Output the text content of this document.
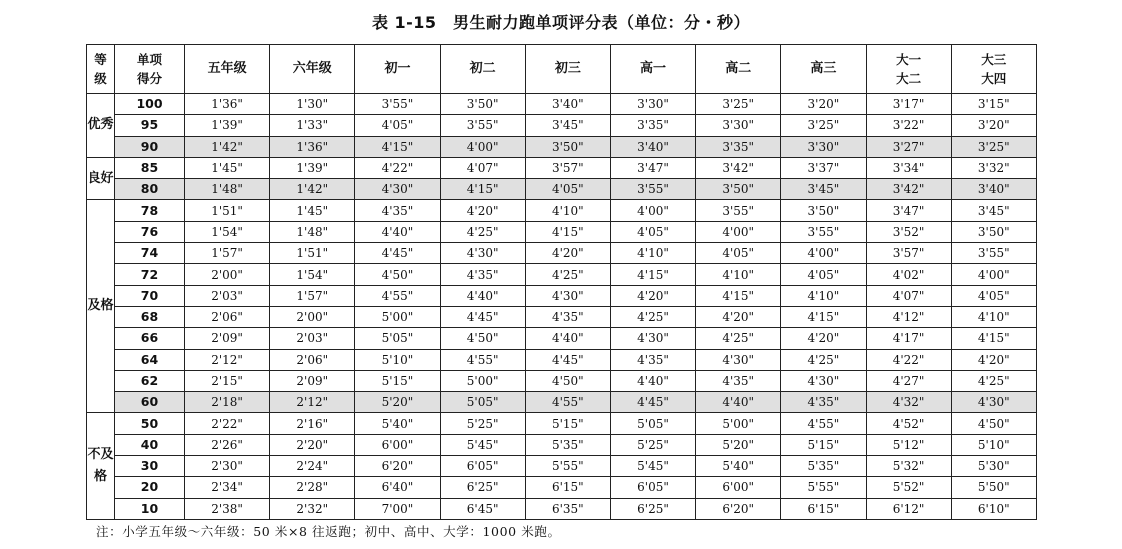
表 1-15　男生耐力跑单项评分表（单位：分・秒）
等
级	单项
得分	五年级	六年级	初一	初二	初三	高一	高二	高三	大一
大二	大三
大四

优秀	100	1'36"	1'30"	3'55"	3'50"	3'40"	3'30"	3'25"	3'20"	3'17"	3'15"
	95	1'39"	1'33"	4'05"	3'55"	3'45"	3'35"	3'30"	3'25"	3'22"	3'20"
	90	1'42"	1'36"	4'15"	4'00"	3'50"	3'40"	3'35"	3'30"	3'27"	3'25"
良好	85	1'45"	1'39"	4'22"	4'07"	3'57"	3'47"	3'42"	3'37"	3'34"	3'32"
	80	1'48"	1'42"	4'30"	4'15"	4'05"	3'55"	3'50"	3'45"	3'42"	3'40"
及格	78	1'51"	1'45"	4'35"	4'20"	4'10"	4'00"	3'55"	3'50"	3'47"	3'45"
	76	1'54"	1'48"	4'40"	4'25"	4'15"	4'05"	4'00"	3'55"	3'52"	3'50"
	74	1'57"	1'51"	4'45"	4'30"	4'20"	4'10"	4'05"	4'00"	3'57"	3'55"
	72	2'00"	1'54"	4'50"	4'35"	4'25"	4'15"	4'10"	4'05"	4'02"	4'00"
	70	2'03"	1'57"	4'55"	4'40"	4'30"	4'20"	4'15"	4'10"	4'07"	4'05"
	68	2'06"	2'00"	5'00"	4'45"	4'35"	4'25"	4'20"	4'15"	4'12"	4'10"
	66	2'09"	2'03"	5'05"	4'50"	4'40"	4'30"	4'25"	4'20"	4'17"	4'15"
	64	2'12"	2'06"	5'10"	4'55"	4'45"	4'35"	4'30"	4'25"	4'22"	4'20"
	62	2'15"	2'09"	5'15"	5'00"	4'50"	4'40"	4'35"	4'30"	4'27"	4'25"
	60	2'18"	2'12"	5'20"	5'05"	4'55"	4'45"	4'40"	4'35"	4'32"	4'30"
不及格	50	2'22"	2'16"	5'40"	5'25"	5'15"	5'05"	5'00"	4'55"	4'52"	4'50"
	40	2'26"	2'20"	6'00"	5'45"	5'35"	5'25"	5'20"	5'15"	5'12"	5'10"
	30	2'30"	2'24"	6'20"	6'05"	5'55"	5'45"	5'40"	5'35"	5'32"	5'30"
	20	2'34"	2'28"	6'40"	6'25"	6'15"	6'05"	6'00"	5'55"	5'52"	5'50"
	10	2'38"	2'32"	7'00"	6'45"	6'35"	6'25"	6'20"	6'15"	6'12"	6'10"
注：小学五年级～六年级：50 米×8 往返跑；初中、高中、大学：1000 米跑。
